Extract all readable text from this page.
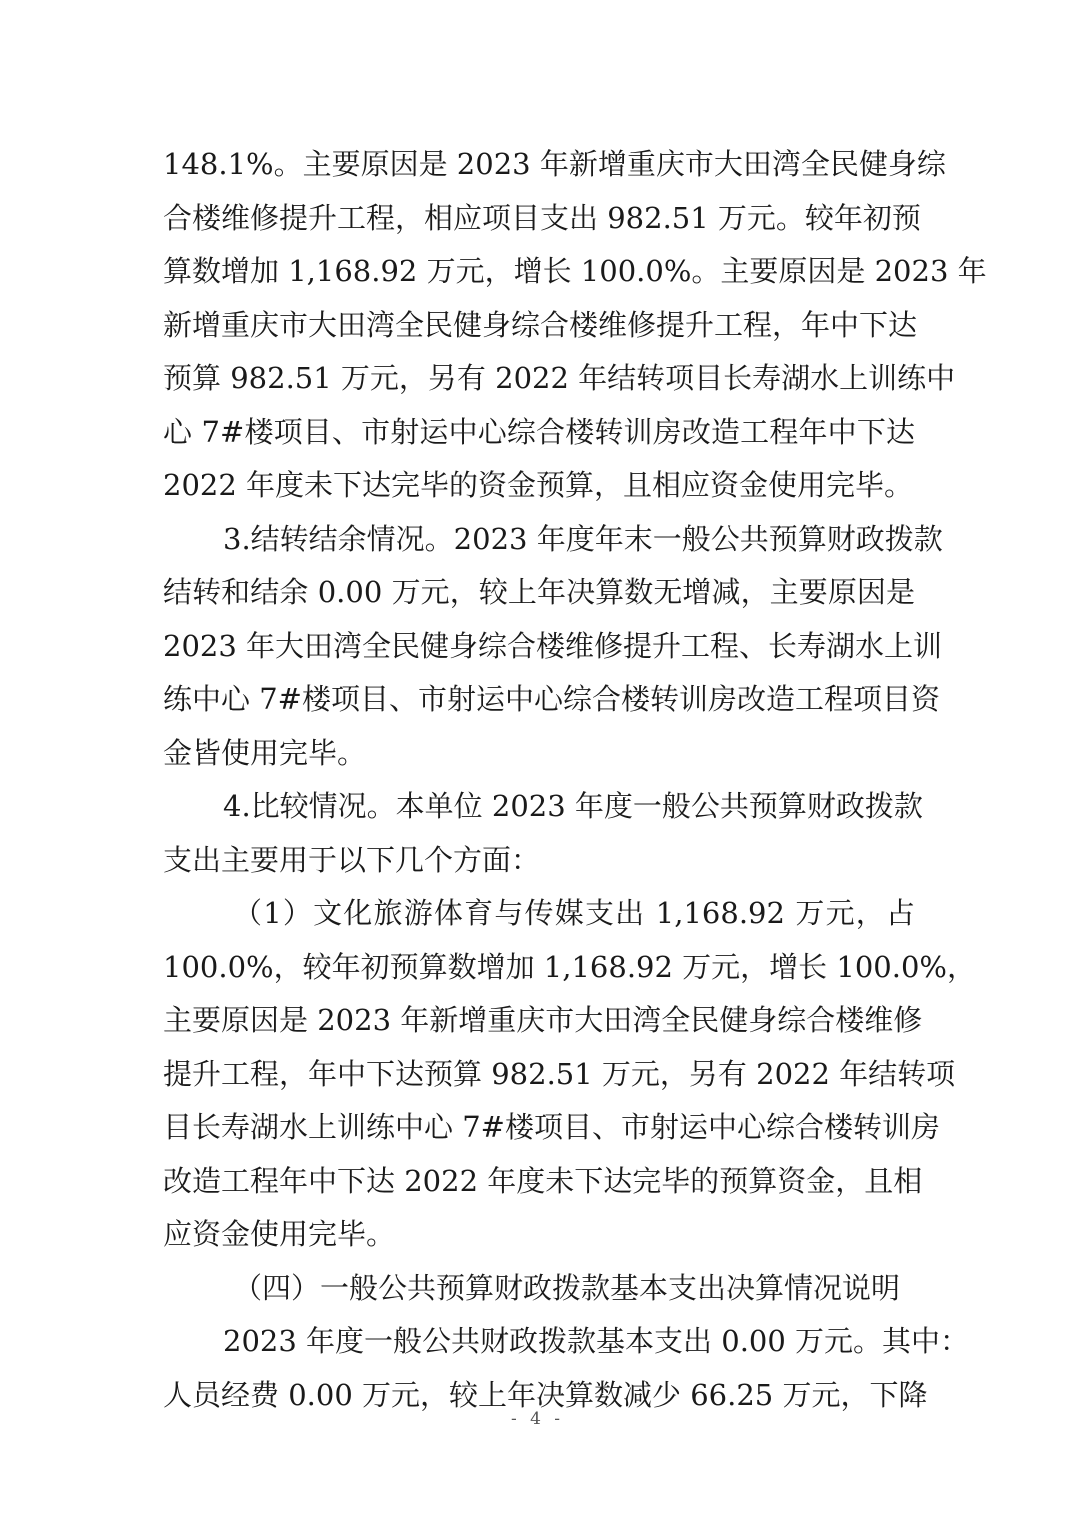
148.1%。主要原因是 2023 年新增重庆市大田湾全民健身综
合楼维修提升工程，相应项目支出 982.51 万元。较年初预
算数增加 1,168.92 万元，增长 100.0%。主要原因是 2023 年
新增重庆市大田湾全民健身综合楼维修提升工程，年中下达
预算 982.51 万元，另有 2022 年结转项目长寿湖水上训练中
心 7#楼项目、市射运中心综合楼转训房改造工程年中下达
2022 年度未下达完毕的资金预算，且相应资金使用完毕。
3.结转结余情况。2023 年度年末一般公共预算财政拨款
结转和结余 0.00 万元，较上年决算数无增减，主要原因是
2023 年大田湾全民健身综合楼维修提升工程、长寿湖水上训
练中心 7#楼项目、市射运中心综合楼转训房改造工程项目资
金皆使用完毕。
4.比较情况。本单位 2023 年度一般公共预算财政拨款
支出主要用于以下几个方面：
（1）文化旅游体育与传媒支出 1,168.92 万元，占
100.0%，较年初预算数增加 1,168.92 万元，增长 100.0%，
主要原因是 2023 年新增重庆市大田湾全民健身综合楼维修
提升工程，年中下达预算 982.51 万元，另有 2022 年结转项
目长寿湖水上训练中心 7#楼项目、市射运中心综合楼转训房
改造工程年中下达 2022 年度未下达完毕的预算资金，且相
应资金使用完毕。
（四）一般公共预算财政拨款基本支出决算情况说明
2023 年度一般公共财政拨款基本支出 0.00 万元。其中：
人员经费 0.00 万元，较上年决算数减少 66.25 万元，下降
- 4 -
